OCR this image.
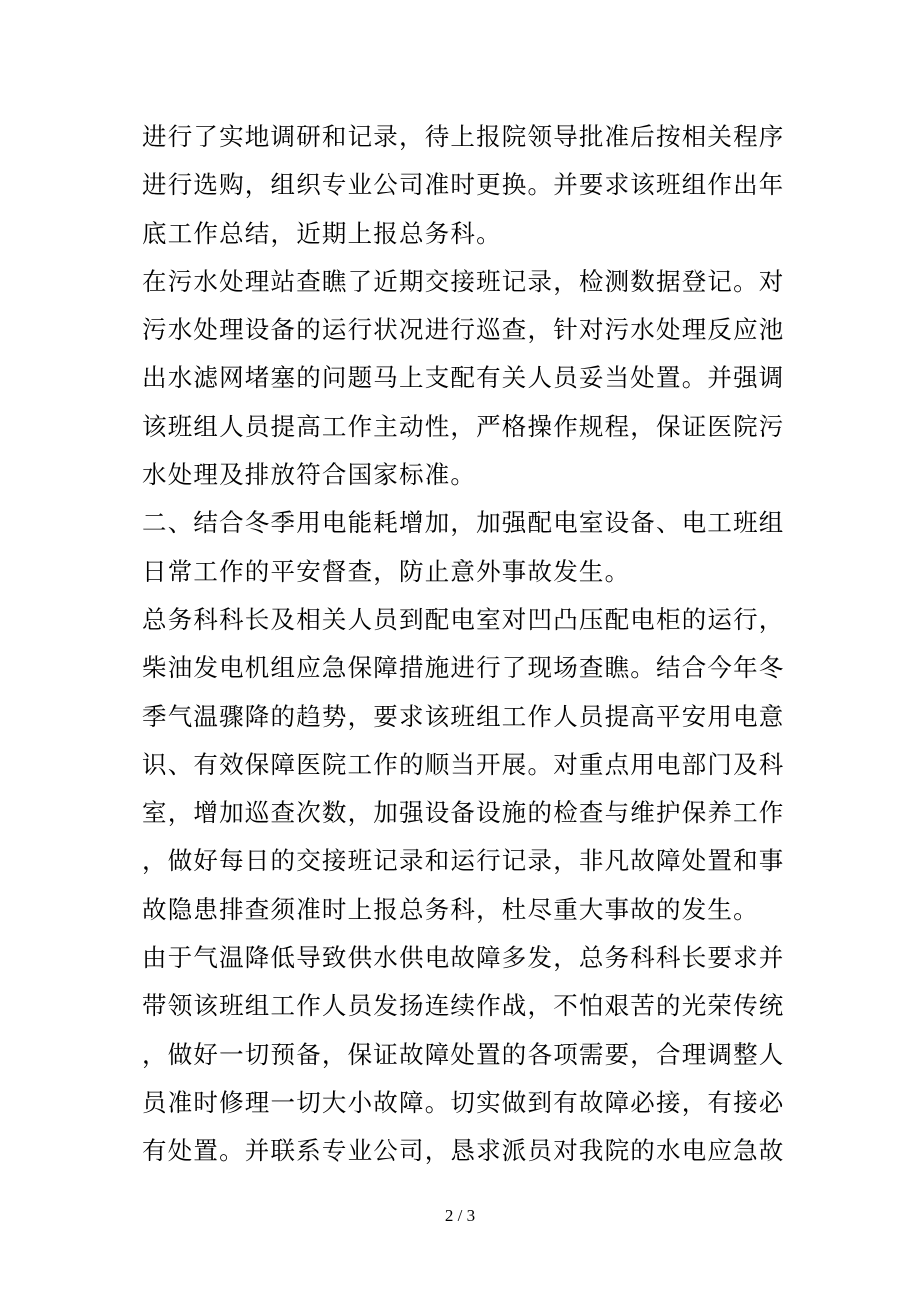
进行了实地调研和记录，待上报院领导批准后按相关程序
进行选购，组织专业公司准时更换。并要求该班组作出年
底工作总结，近期上报总务科。
在污水处理站查瞧了近期交接班记录，检测数据登记。对
污水处理设备的运行状况进行巡查，针对污水处理反应池
出水滤网堵塞的问题马上支配有关人员妥当处置。并强调
该班组人员提高工作主动性，严格操作规程，保证医院污
水处理及排放符合国家标准。
二、结合冬季用电能耗增加，加强配电室设备、电工班组
日常工作的平安督查，防止意外事故发生。
总务科科长及相关人员到配电室对凹凸压配电柜的运行，
柴油发电机组应急保障措施进行了现场查瞧。结合今年冬
季气温骤降的趋势，要求该班组工作人员提高平安用电意
识、有效保障医院工作的顺当开展。对重点用电部门及科
室，增加巡查次数，加强设备设施的检查与维护保养工作
，做好每日的交接班记录和运行记录，非凡故障处置和事
故隐患排查须准时上报总务科，杜尽重大事故的发生。
由于气温降低导致供水供电故障多发，总务科科长要求并
带领该班组工作人员发扬连续作战，不怕艰苦的光荣传统
，做好一切预备，保证故障处置的各项需要，合理调整人
员准时修理一切大小故障。切实做到有故障必接，有接必
有处置。并联系专业公司，恳求派员对我院的水电应急故
2 / 3
